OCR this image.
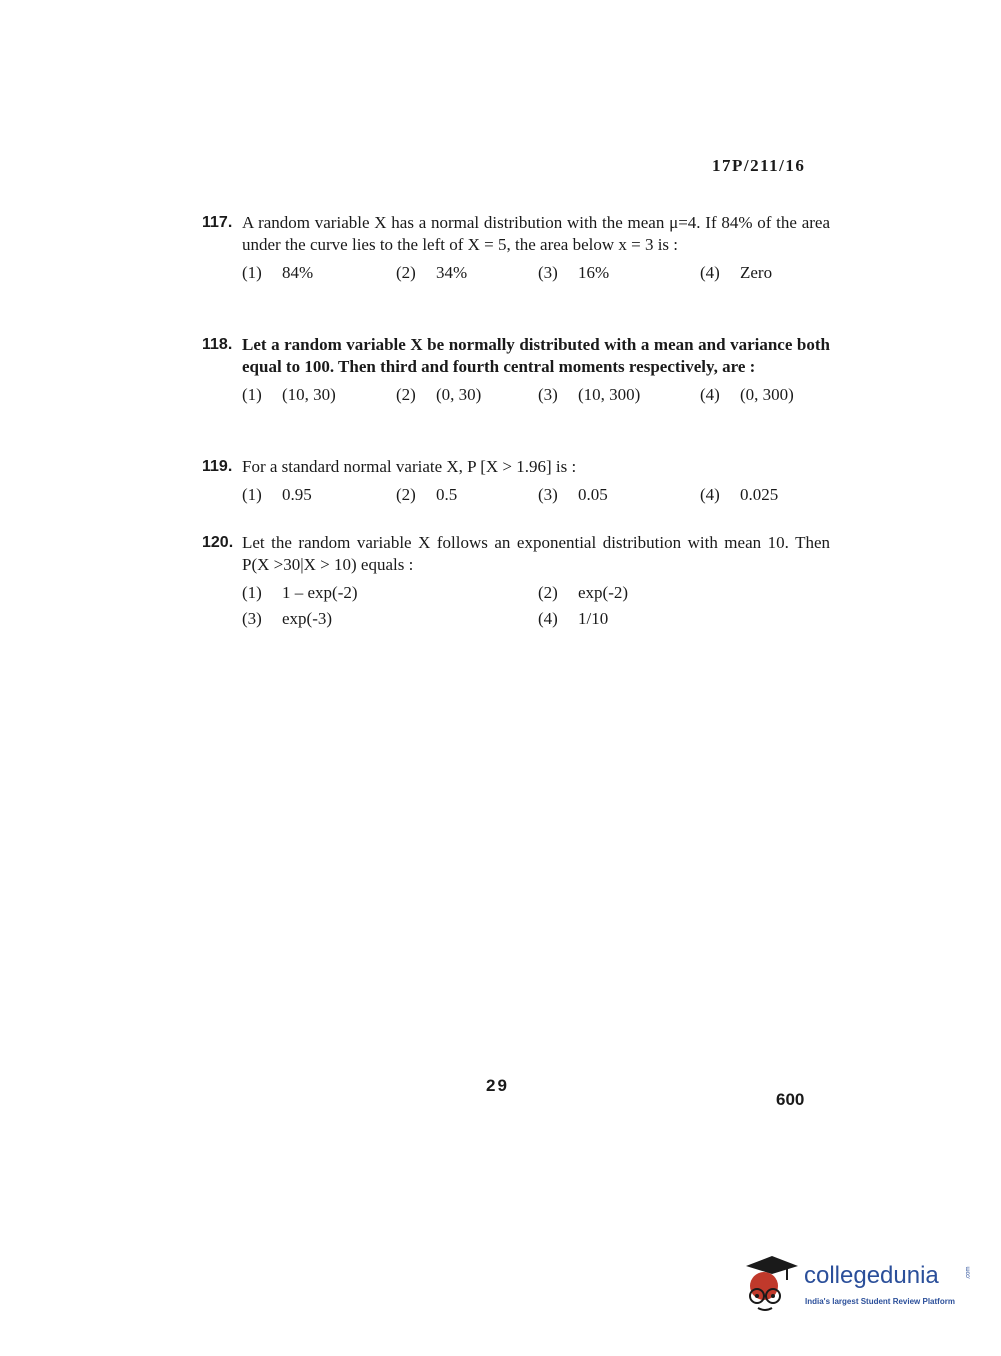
17P/211/16
117. A random variable X has a normal distribution with the mean μ=4. If 84% of the area under the curve lies to the left of X = 5, the area below x = 3 is :
(1) 84%	(2) 34%	(3) 16%	(4) Zero
118. Let a random variable X be normally distributed with a mean and variance both equal to 100. Then third and fourth central moments respectively, are :
(1) (10, 30)	(2) (0, 30)	(3) (10, 300)	(4) (0, 300)
119. For a standard normal variate X, P [X > 1.96] is :
(1) 0.95	(2) 0.5	(3) 0.05	(4) 0.025
120. Let the random variable X follows an exponential distribution with mean 10. Then P(X >30|X > 10) equals :
(1) 1 – exp(-2)	(2) exp(-2)
(3) exp(-3)	(4) 1/10
29
600
collegedunia	.com
India's largest Student Review Platform
